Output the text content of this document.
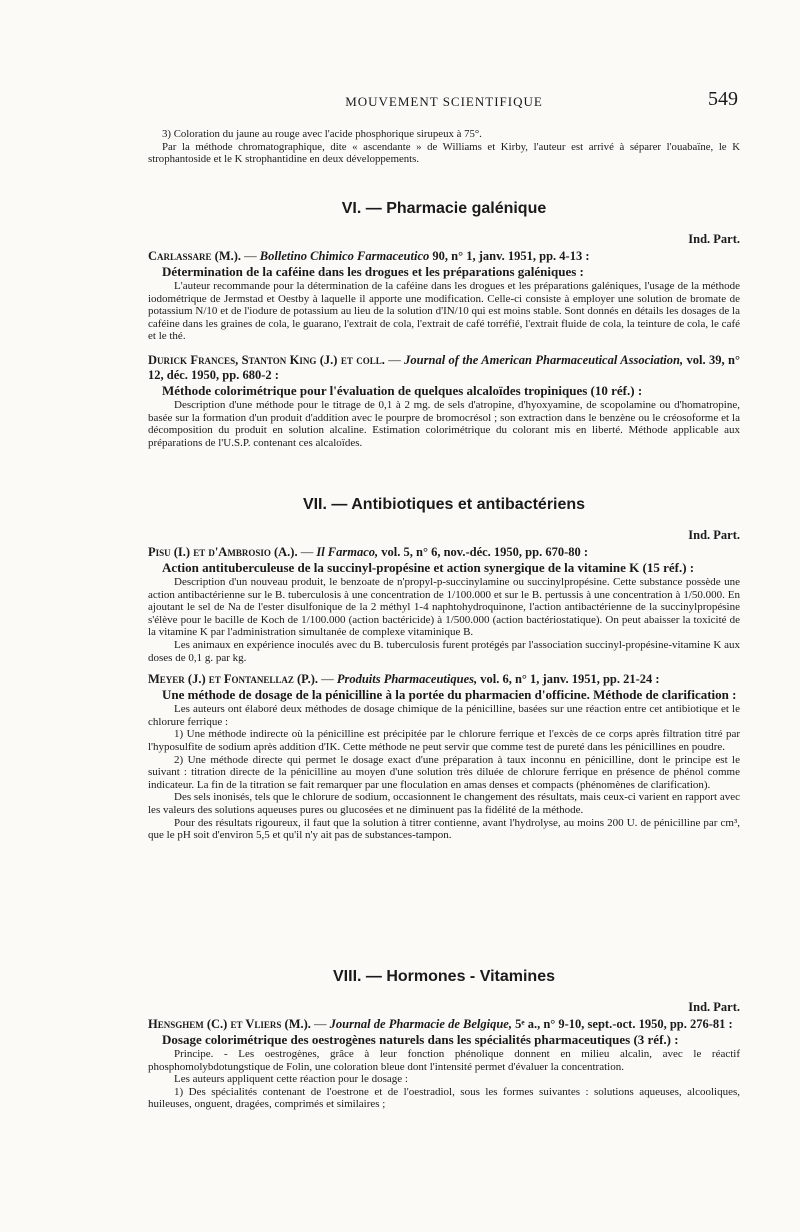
MOUVEMENT SCIENTIFIQUE	549

3) Coloration du jaune au rouge avec l'acide phosphorique sirupeux à 75°.

Par la méthode chromatographique, dite « ascendante » de Williams et Kirby, l'auteur est arrivé à séparer l'ouabaïne, le K strophantoside et le K strophantidine en deux développements.

VI. — Pharmacie galénique
Ind. Part.
Carlassare (M.). — Bolletino Chimico Farmaceutico 90, n° 1, janv. 1951, pp. 4-13 :
Détermination de la caféine dans les drogues et les préparations galéniques :

L'auteur recommande pour la détermination de la caféine dans les drogues et les préparations galéniques, l'usage de la méthode iodométrique de Jermstad et Oestby à laquelle il apporte une modification. Celle-ci consiste à employer une solution de bromate de potassium N/10 et de l'iodure de potassium au lieu de la solution d'IN/10 qui est moins stable. Sont donnés en détails les dosages de la caféine dans les graines de cola, le guarano, l'extrait de cola, l'extrait de café torréfié, l'extrait fluide de cola, la teinture de cola, le café et le thé.

Durick Frances, Stanton King (J.) et coll. — Journal of the American Pharmaceutical Association, vol. 39, n° 12, déc. 1950, pp. 680-2 :
Méthode colorimétrique pour l'évaluation de quelques alcaloïdes tropiniques (10 réf.) :

Description d'une méthode pour le titrage de 0,1 à 2 mg. de sels d'atropine, d'hyoxyamine, de scopolamine ou d'homatropine, basée sur la formation d'un produit d'addition avec le pourpre de bromocrésol ; son extraction dans le benzène ou le créosoforme et la décomposition du produit en solution alcaline. Estimation colorimétrique du colorant mis en liberté. Méthode applicable aux préparations de l'U.S.P. contenant ces alcaloïdes.

VII. — Antibiotiques et antibactériens
Ind. Part.
Pisu (I.) et d'Ambrosio (A.). — Il Farmaco, vol. 5, n° 6, nov.-déc. 1950, pp. 670-80 :
Action antituberculeuse de la succinyl-propésine et action synergique de la vitamine K (15 réf.) :

Description d'un nouveau produit, le benzoate de n'propyl-p-succinylamine ou succinylpropésine. Cette substance possède une action antibactérienne sur le B. tuberculosis à une concentration de 1/100.000 et sur le B. pertussis à une concentration à 1/50.000. En ajoutant le sel de Na de l'ester disulfonique de la 2 méthyl 1-4 naphtohydroquinone, l'action antibactérienne de la succinylpropésine s'élève pour le bacille de Koch de 1/100.000 (action bactéricide) à 1/500.000 (action bactériostatique). On peut abaisser la toxicité de la vitamine K par l'administration simultanée de complexe vitaminique B.

Les animaux en expérience inoculés avec du B. tuberculosis furent protégés par l'association succinyl-propésine-vitamine K aux doses de 0,1 g. par kg.

Meyer (J.) et Fontanellaz (P.). — Produits Pharmaceutiques, vol. 6, n° 1, janv. 1951, pp. 21-24 :
Une méthode de dosage de la pénicilline à la portée du pharmacien d'officine. Méthode de clarification :

Les auteurs ont élaboré deux méthodes de dosage chimique de la pénicilline, basées sur une réaction entre cet antibiotique et le chlorure ferrique :

1) Une méthode indirecte où la pénicilline est précipitée par le chlorure ferrique et l'excès de ce corps après filtration titré par l'hyposulfite de sodium après addition d'IK. Cette méthode ne peut servir que comme test de pureté dans les pénicillines en poudre.

2) Une méthode directe qui permet le dosage exact d'une préparation à taux inconnu en pénicilline, dont le principe est le suivant : titration directe de la pénicilline au moyen d'une solution très diluée de chlorure ferrique en présence de phénol comme indicateur. La fin de la titration se fait remarquer par une floculation en amas denses et compacts (phénomènes de clarification).

Des sels inonisés, tels que le chlorure de sodium, occasionnent le changement des résultats, mais ceux-ci varient en rapport avec les valeurs des solutions aqueuses pures ou glucosées et ne diminuent pas la fidélité de la méthode.

Pour des résultats rigoureux, il faut que la solution à titrer contienne, avant l'hydrolyse, au moins 200 U. de pénicilline par cm³, que le pH soit d'environ 5,5 et qu'il n'y ait pas de substances-tampon.

VIII. — Hormones - Vitamines
Ind. Part.
Hensghem (C.) et Vliers (M.). — Journal de Pharmacie de Belgique, 5ᵉ a., n° 9-10, sept.-oct. 1950, pp. 276-81 :
Dosage colorimétrique des oestrogènes naturels dans les spécialités pharmaceutiques (3 réf.) :

Principe. - Les oestrogènes, grâce à leur fonction phénolique donnent en milieu alcalin, avec le réactif phosphomolybdotungstique de Folin, une coloration bleue dont l'intensité permet d'évaluer la concentration.

Les auteurs appliquent cette réaction pour le dosage :

1) Des spécialités contenant de l'oestrone et de l'oestradiol, sous les formes suivantes : solutions aqueuses, alcooliques, huileuses, onguent, dragées, comprimés et similaires ;
